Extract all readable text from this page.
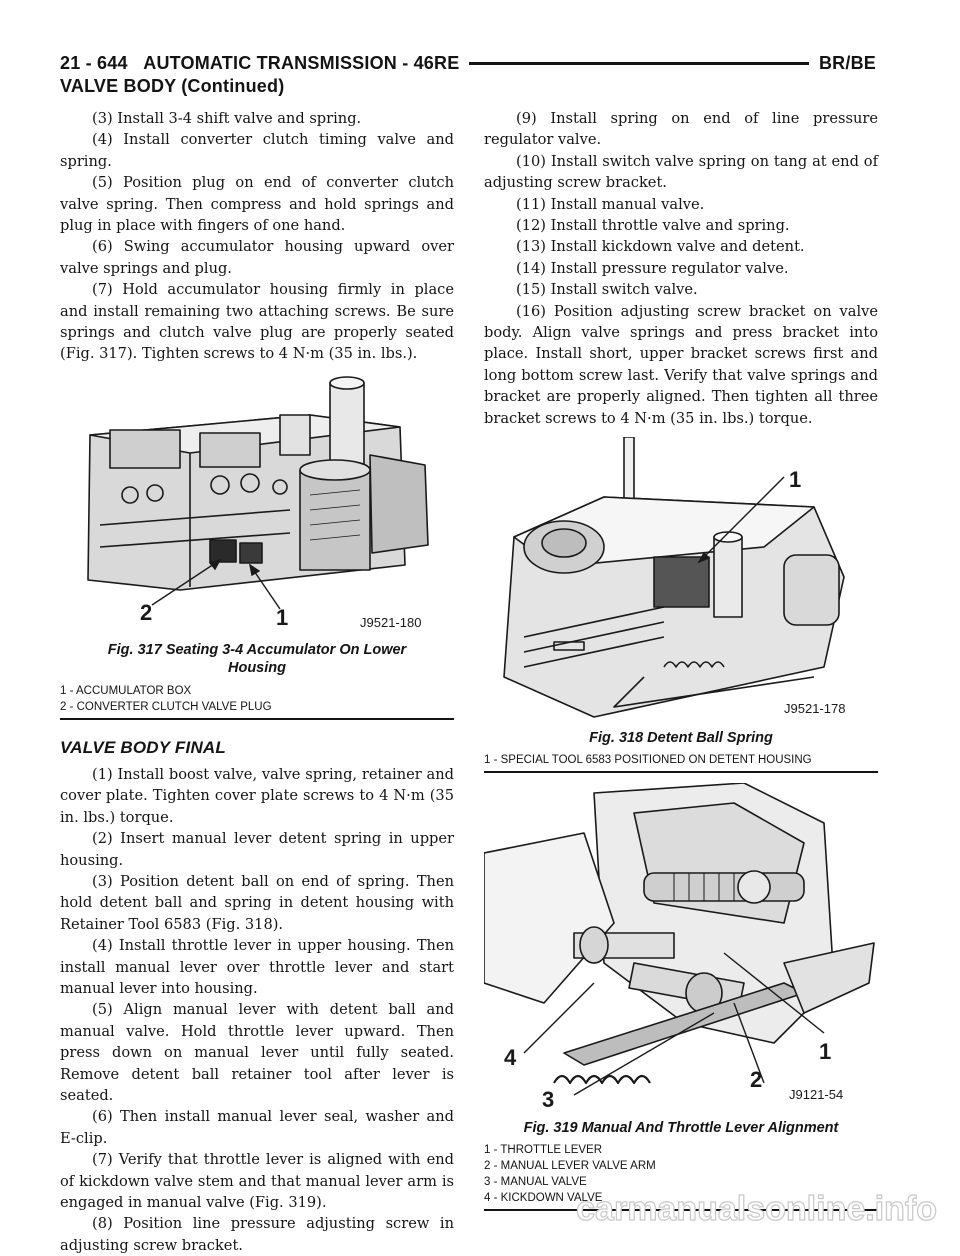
21 - 644 AUTOMATIC TRANSMISSION - 46RE	BR/BE
VALVE BODY (Continued)

(3) Install 3-4 shift valve and spring.

(4) Install converter clutch timing valve and spring.

(5) Position plug on end of converter clutch valve spring. Then compress and hold springs and plug in place with fingers of one hand.

(6) Swing accumulator housing upward over valve springs and plug.

(7) Hold accumulator housing firmly in place and install remaining two attaching screws. Be sure springs and clutch valve plug are properly seated (Fig. 317). Tighten screws to 4 N·m (35 in. lbs.).

2	1	J9521-180

Fig. 317 Seating 3-4 Accumulator On Lower Housing

1 - ACCUMULATOR BOX

2 - CONVERTER CLUTCH VALVE PLUG

VALVE BODY FINAL

(1) Install boost valve, valve spring, retainer and cover plate. Tighten cover plate screws to 4 N·m (35 in. lbs.) torque.

(2) Insert manual lever detent spring in upper housing.

(3) Position detent ball on end of spring. Then hold detent ball and spring in detent housing with Retainer Tool 6583 (Fig. 318).

(4) Install throttle lever in upper housing. Then install manual lever over throttle lever and start manual lever into housing.

(5) Align manual lever with detent ball and manual valve. Hold throttle lever upward. Then press down on manual lever until fully seated. Remove detent ball retainer tool after lever is seated.

(6) Then install manual lever seal, washer and E-clip.

(7) Verify that throttle lever is aligned with end of kickdown valve stem and that manual lever arm is engaged in manual valve (Fig. 319).

(8) Position line pressure adjusting screw in adjusting screw bracket.

(9) Install spring on end of line pressure regulator valve.

(10) Install switch valve spring on tang at end of adjusting screw bracket.

(11) Install manual valve.

(12) Install throttle valve and spring.

(13) Install kickdown valve and detent.

(14) Install pressure regulator valve.

(15) Install switch valve.

(16) Position adjusting screw bracket on valve body. Align valve springs and press bracket into place. Install short, upper bracket screws first and long bottom screw last. Verify that valve springs and bracket are properly aligned. Then tighten all three bracket screws to 4 N·m (35 in. lbs.) torque.

1
J9521-178

Fig. 318 Detent Ball Spring

1 - SPECIAL TOOL 6583 POSITIONED ON DETENT HOUSING

4	1
2
3	J9121-54

Fig. 319 Manual And Throttle Lever Alignment

1 - THROTTLE LEVER

2 - MANUAL LEVER VALVE ARM

3 - MANUAL VALVE

4 - KICKDOWN VALVE

carmanualsonline.info
